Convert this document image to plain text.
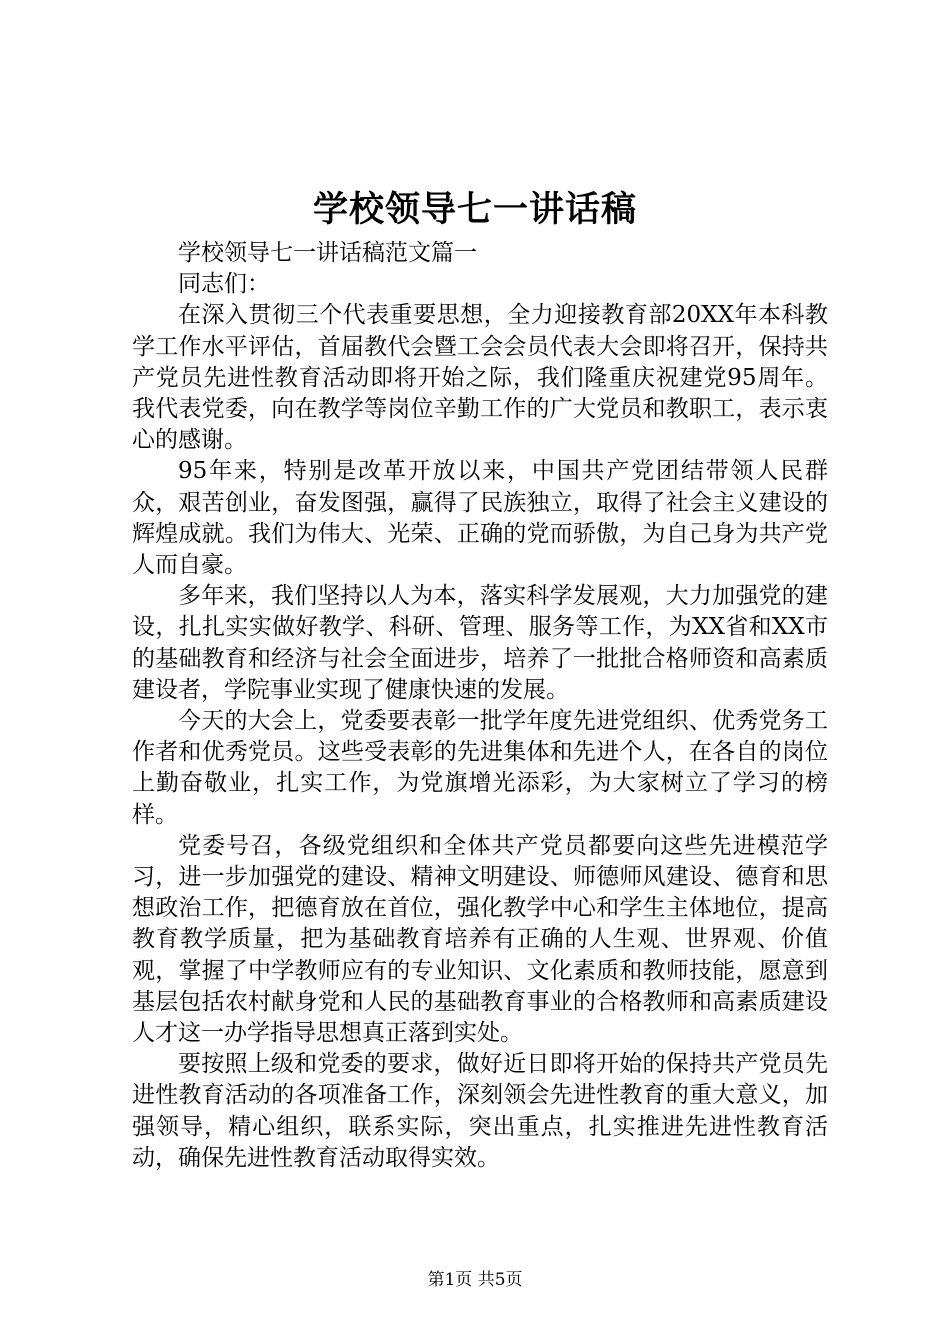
学校领导七一讲话稿

学校领导七一讲话稿范文篇一

同志们：

在深入贯彻三个代表重要思想，全力迎接教育部20XX年本科教学工作水平评估，首届教代会暨工会会员代表大会即将召开，保持共产党员先进性教育活动即将开始之际，我们隆重庆祝建党95周年。我代表党委，向在教学等岗位辛勤工作的广大党员和教职工，表示衷心的感谢。

95年来，特别是改革开放以来，中国共产党团结带领人民群众，艰苦创业，奋发图强，赢得了民族独立，取得了社会主义建设的辉煌成就。我们为伟大、光荣、正确的党而骄傲，为自己身为共产党人而自豪。

多年来，我们坚持以人为本，落实科学发展观，大力加强党的建设，扎扎实实做好教学、科研、管理、服务等工作，为XX省和XX市的基础教育和经济与社会全面进步，培养了一批批合格师资和高素质建设者，学院事业实现了健康快速的发展。

今天的大会上，党委要表彰一批学年度先进党组织、优秀党务工作者和优秀党员。这些受表彰的先进集体和先进个人，在各自的岗位上勤奋敬业，扎实工作，为党旗增光添彩，为大家树立了学习的榜样。

党委号召，各级党组织和全体共产党员都要向这些先进模范学习，进一步加强党的建设、精神文明建设、师德师风建设、德育和思想政治工作，把德育放在首位，强化教学中心和学生主体地位，提高教育教学质量，把为基础教育培养有正确的人生观、世界观、价值观，掌握了中学教师应有的专业知识、文化素质和教师技能，愿意到基层包括农村献身党和人民的基础教育事业的合格教师和高素质建设人才这一办学指导思想真正落到实处。

要按照上级和党委的要求，做好近日即将开始的保持共产党员先进性教育活动的各项准备工作，深刻领会先进性教育的重大意义，加强领导，精心组织，联系实际，突出重点，扎实推进先进性教育活动，确保先进性教育活动取得实效。

第1页 共5页
